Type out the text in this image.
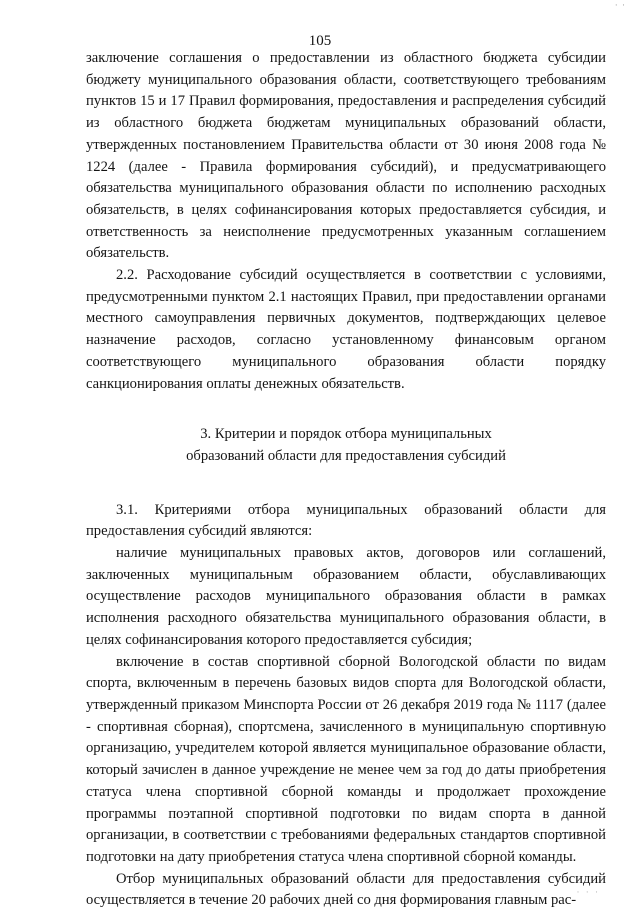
· ·
105

заключение соглашения о предоставлении из областного бюджета субсидии бюджету муниципального образования области, соответствующего требованиям пунктов 15 и 17 Правил формирования, предоставления и распределения субсидий из областного бюджета бюджетам муниципальных образований области, утвержденных постановлением Правительства области от 30 июня 2008 года № 1224 (далее - Правила формирования субсидий), и предусматривающего обязательства муниципального образования области по исполнению расходных обязательств, в целях софинансирования которых предоставляется субсидия, и ответственность за неисполнение предусмотренных указанным соглашением обязательств.

2.2. Расходование субсидий осуществляется в соответствии с условиями, предусмотренными пунктом 2.1 настоящих Правил, при предоставлении органами местного самоуправления первичных документов, подтверждающих целевое назначение расходов, согласно установленному финансовым органом соответствующего муниципального образования области порядку санкционирования оплаты денежных обязательств.

3. Критерии и порядок отбора муниципальных
образований области для предоставления субсидий

3.1. Критериями отбора муниципальных образований области для предоставления субсидий являются:

наличие муниципальных правовых актов, договоров или соглашений, заключенных муниципальным образованием области, обуславливающих осуществление расходов муниципального образования области в рамках исполнения расходного обязательства муниципального образования области, в целях софинансирования которого предоставляется субсидия;

включение в состав спортивной сборной Вологодской области по видам спорта, включенным в перечень базовых видов спорта для Вологодской области, утвержденный приказом Минспорта России от 26 декабря 2019 года № 1117 (далее - спортивная сборная), спортсмена, зачисленного в муниципальную спортивную организацию, учредителем которой является муниципальное образование области, который зачислен в данное учреждение не менее чем за год до даты приобретения статуса члена спортивной сборной команды и продолжает прохождение программы поэтапной спортивной подготовки по видам спорта в данной организации, в соответствии с требованиями федеральных стандартов спортивной подготовки на дату приобретения статуса члена спортивной сборной команды.

Отбор муниципальных образований области для предоставления субсидий осуществляется в течение 20 рабочих дней со дня формирования главным рас-

· · ·
